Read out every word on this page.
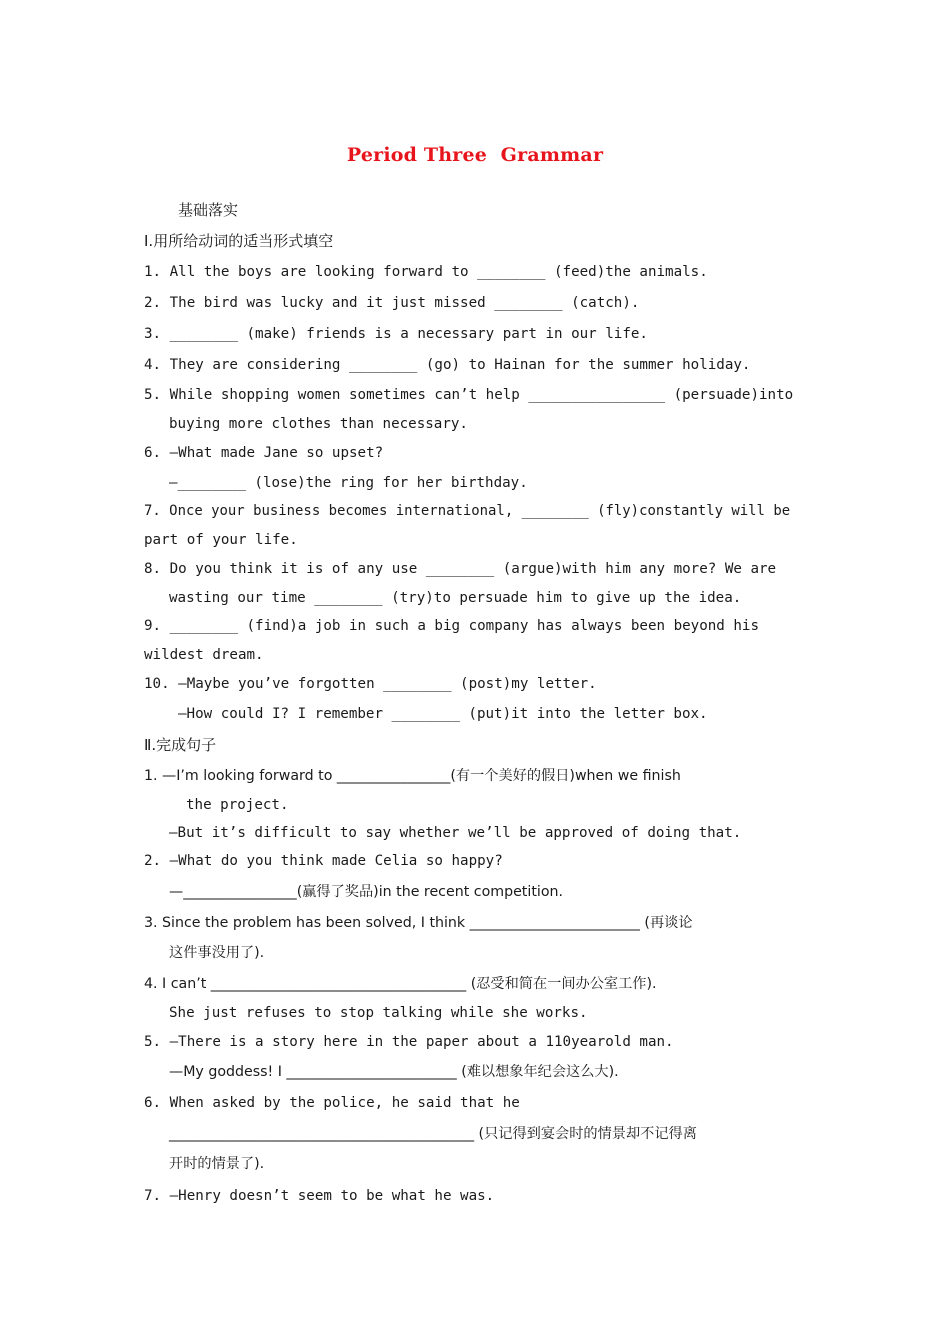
Period Three  Grammar
基础落实
Ⅰ.用所给动词的适当形式填空
1. All the boys are looking forward to ________ (feed)the animals.
2. The bird was lucky and it just missed ________ (catch).
3. ________ (make) friends is a necessary part in our life.
4. They are considering ________ (go) to Hainan for the summer holiday.
5. While shopping women sometimes can’t help ________________ (persuade)into
buying more clothes than necessary.
6. —What made Jane so upset?
—________ (lose)the ring for her birthday.
7. Once your business becomes international, ________ (fly)constantly will be
part of your life.
8. Do you think it is of any use ________ (argue)with him any more? We are
wasting our time ________ (try)to persuade him to give up the idea.
9. ________ (find)a job in such a big company has always been beyond his
wildest dream.
10. —Maybe you’ve forgotten ________ (post)my letter.
—How could I? I remember ________ (put)it into the letter box.
Ⅱ.完成句子
1. —I’m looking forward to ________________(有一个美好的假日)when we finish
the project.
—But it’s difficult to say whether we’ll be approved of doing that.
2. —What do you think made Celia so happy?
—________________(赢得了奖品)in the recent competition.
3. Since the problem has been solved, I think ________________________ (再谈论
这件事没用了).
4. I can’t ____________________________________ (忍受和简在一间办公室工作).
She just refuses to stop talking while she works.
5. —There is a story here in the paper about a 110yearold man.
—My goddess! I ________________________ (难以想象年纪会这么大).
6. When asked by the police, he said that he
___________________________________________ (只记得到宴会时的情景却不记得离
开时的情景了).
7. —Henry doesn’t seem to be what he was.
